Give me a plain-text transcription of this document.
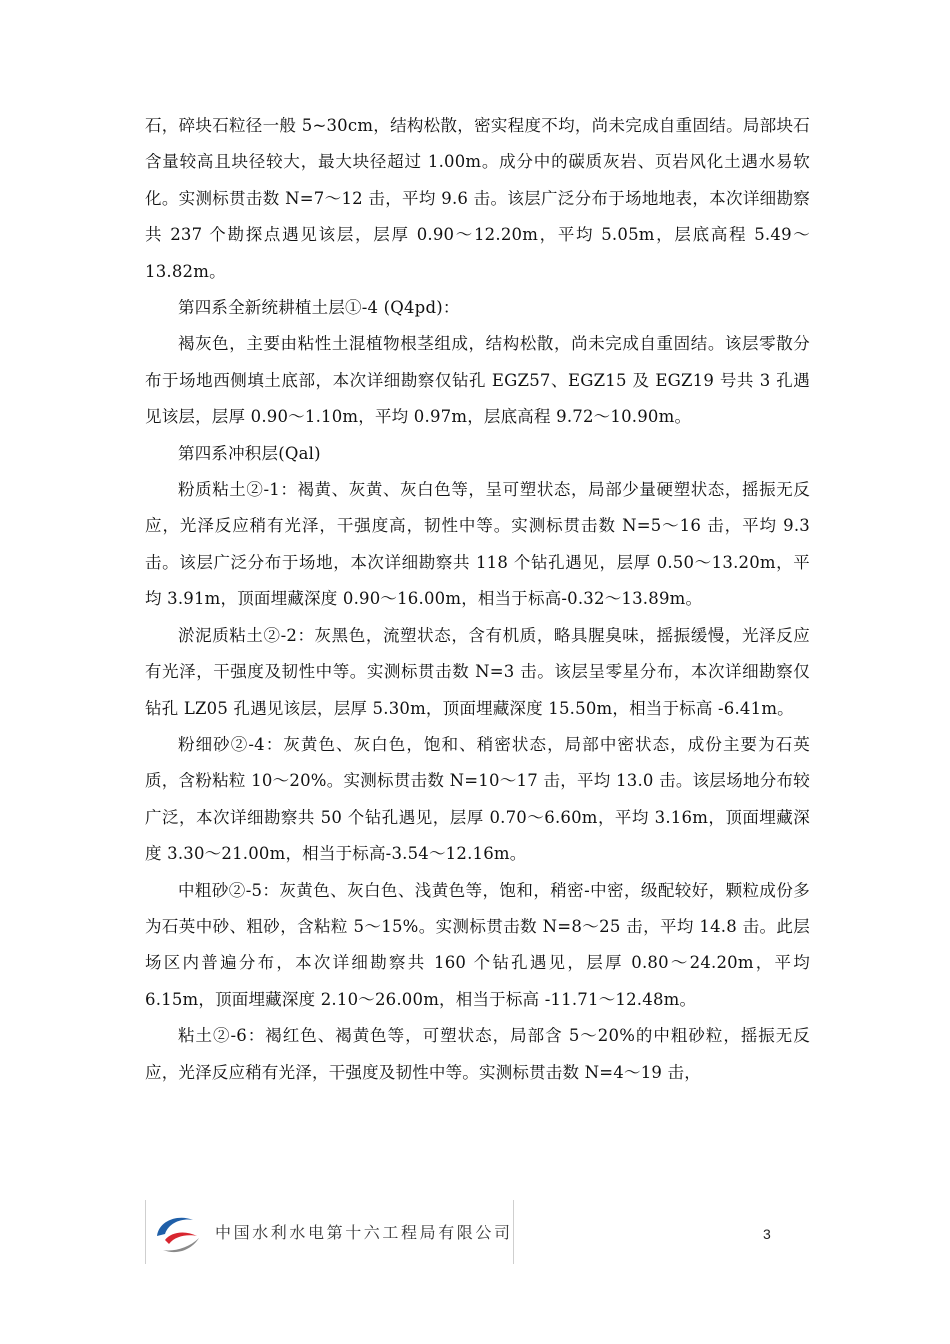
石，碎块石粒径一般 5~30cm，结构松散，密实程度不均，尚未完成自重固结。局部块石含量较高且块径较大，最大块径超过 1.00m。成分中的碳质灰岩、页岩风化土遇水易软化。实测标贯击数 N=7～12 击，平均 9.6 击。该层广泛分布于场地地表，本次详细勘察共 237 个勘探点遇见该层，层厚 0.90～12.20m，平均 5.05m，层底高程 5.49～13.82m。

第四系全新统耕植土层①-4 (Q4pd)：

褐灰色，主要由粘性土混植物根茎组成，结构松散，尚未完成自重固结。该层零散分布于场地西侧填土底部，本次详细勘察仅钻孔 EGZ57、EGZ15 及 EGZ19 号共 3 孔遇见该层，层厚 0.90～1.10m，平均 0.97m，层底高程 9.72～10.90m。

第四系冲积层(Qal)

粉质粘土②-1：褐黄、灰黄、灰白色等，呈可塑状态，局部少量硬塑状态，摇振无反应，光泽反应稍有光泽，干强度高，韧性中等。实测标贯击数 N=5～16 击，平均 9.3 击。该层广泛分布于场地，本次详细勘察共 118 个钻孔遇见，层厚 0.50～13.20m，平均 3.91m，顶面埋藏深度 0.90～16.00m，相当于标高-0.32～13.89m。

淤泥质粘土②-2：灰黑色，流塑状态，含有机质，略具腥臭味，摇振缓慢，光泽反应有光泽，干强度及韧性中等。实测标贯击数 N=3 击。该层呈零星分布，本次详细勘察仅钻孔 LZ05 孔遇见该层，层厚 5.30m，顶面埋藏深度 15.50m，相当于标高 -6.41m。

粉细砂②-4：灰黄色、灰白色，饱和、稍密状态，局部中密状态，成份主要为石英质，含粉粘粒 10～20%。实测标贯击数 N=10～17 击，平均 13.0 击。该层场地分布较广泛，本次详细勘察共 50 个钻孔遇见，层厚 0.70～6.60m，平均 3.16m，顶面埋藏深度 3.30～21.00m，相当于标高-3.54～12.16m。

中粗砂②-5：灰黄色、灰白色、浅黄色等，饱和，稍密-中密，级配较好，颗粒成份多为石英中砂、粗砂，含粘粒 5～15%。实测标贯击数 N=8～25 击，平均 14.8 击。此层场区内普遍分布，本次详细勘察共 160 个钻孔遇见，层厚 0.80～24.20m，平均 6.15m，顶面埋藏深度 2.10～26.00m，相当于标高 -11.71～12.48m。

粘土②-6：褐红色、褐黄色等，可塑状态，局部含 5～20%的中粗砂粒，摇振无反应，光泽反应稍有光泽，干强度及韧性中等。实测标贯击数 N=4～19 击，

中国水利水电第十六工程局有限公司	3
